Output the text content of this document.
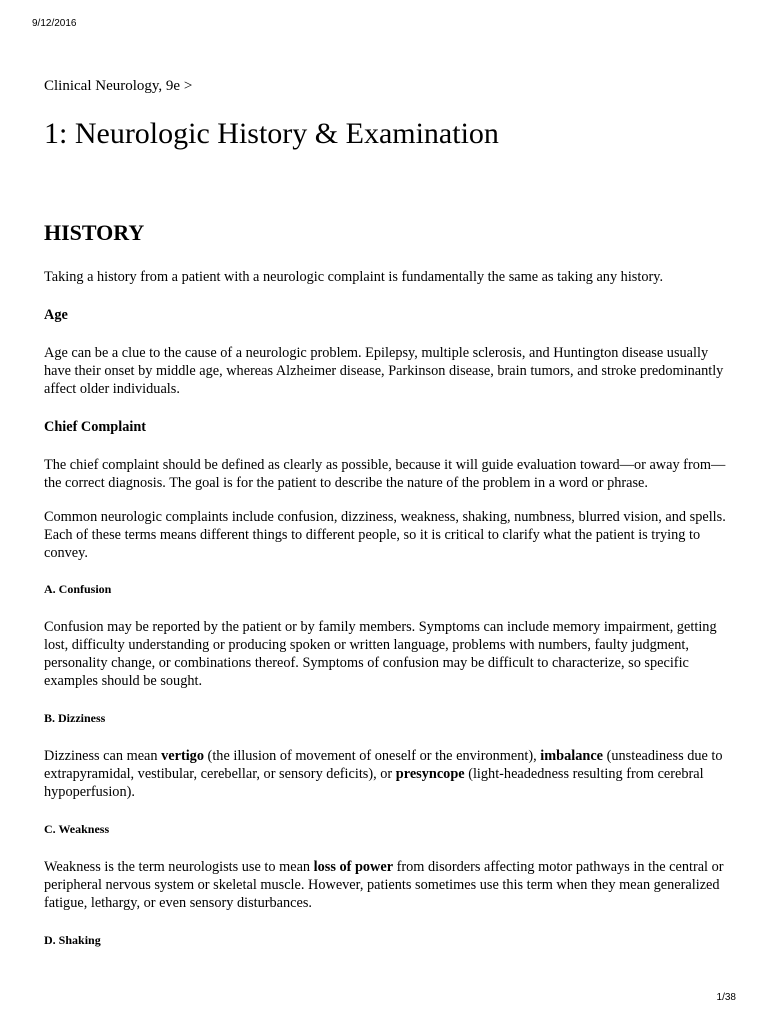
9/12/2016
Clinical Neurology, 9e >
1: Neurologic History & Examination
HISTORY

Taking a history from a patient with a neurologic complaint is fundamentally the same as taking any history.

Age

Age can be a clue to the cause of a neurologic problem. Epilepsy, multiple sclerosis, and Huntington disease usually have their onset by middle age, whereas Alzheimer disease, Parkinson disease, brain tumors, and stroke predominantly affect older individuals.

Chief Complaint

The chief complaint should be defined as clearly as possible, because it will guide evaluation toward—or away from—the correct diagnosis. The goal is for the patient to describe the nature of the problem in a word or phrase.

Common neurologic complaints include confusion, dizziness, weakness, shaking, numbness, blurred vision, and spells. Each of these terms means different things to different people, so it is critical to clarify what the patient is trying to convey.

A. Confusion

Confusion may be reported by the patient or by family members. Symptoms can include memory impairment, getting lost, difficulty understanding or producing spoken or written language, problems with numbers, faulty judgment, personality change, or combinations thereof. Symptoms of confusion may be difficult to characterize, so specific examples should be sought.

B. Dizziness

Dizziness can mean vertigo (the illusion of movement of oneself or the environment), imbalance (unsteadiness due to extrapyramidal, vestibular, cerebellar, or sensory deficits), or presyncope (light-headedness resulting from cerebral hypoperfusion).

C. Weakness

Weakness is the term neurologists use to mean loss of power from disorders affecting motor pathways in the central or peripheral nervous system or skeletal muscle. However, patients sometimes use this term when they mean generalized fatigue, lethargy, or even sensory disturbances.

D. Shaking
1/38
